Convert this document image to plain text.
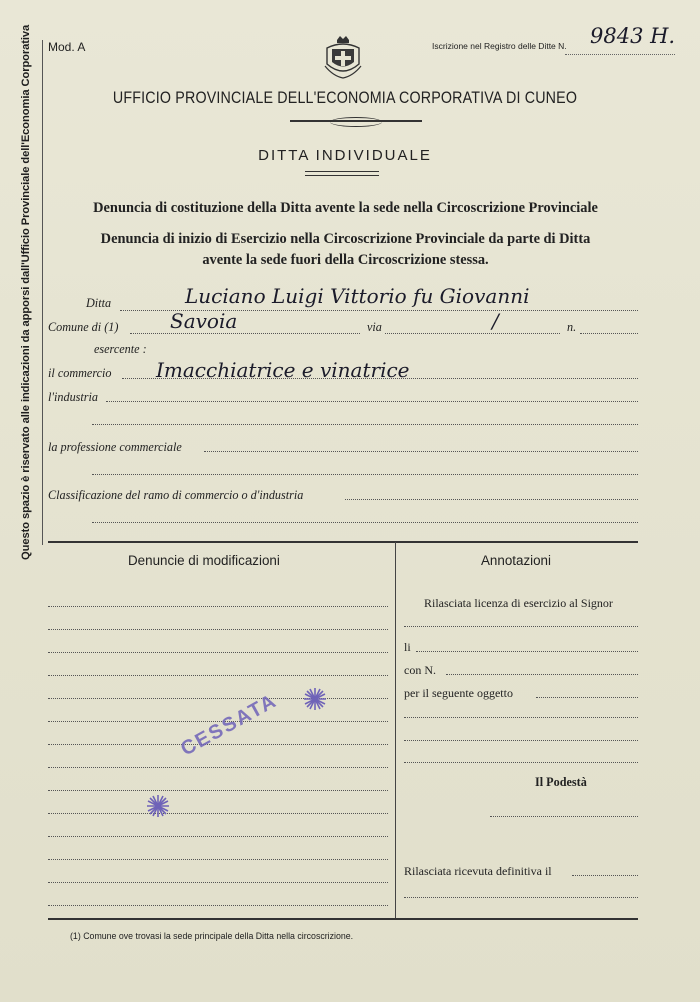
Questo spazio è riservato alle indicazioni da apporsi dall'Ufficio Provinciale dell'Economia Corporativa	Mod. A	Iscrizione nel Registro delle Ditte N. 9843 H.
UFFICIO PROVINCIALE DELL'ECONOMIA CORPORATIVA DI CUNEO
DITTA INDIVIDUALE
Denuncia di costituzione della Ditta avente la sede nella Circoscrizione Provinciale
Denuncia di inizio di Esercizio nella Circoscrizione Provinciale da parte di Ditta
avente la sede fuori della Circoscrizione stessa.
Ditta	Luciano Luigi Vittorio fu Giovanni
Comune di (1)	Savoia	via	/	n.
esercente :
il commercio Imacchiatrice e vinatrice
l'industria
la professione commerciale
Classificazione del ramo di commercio o d'industria
Denuncie di modificazioni	Annotazioni
CESSATA
Rilasciata licenza di esercizio al Signor
li
con N.
per il seguente oggetto
Il Podestà
Rilasciata ricevuta definitiva il
(1) Comune ove trovasi la sede principale della Ditta nella circoscrizione.
